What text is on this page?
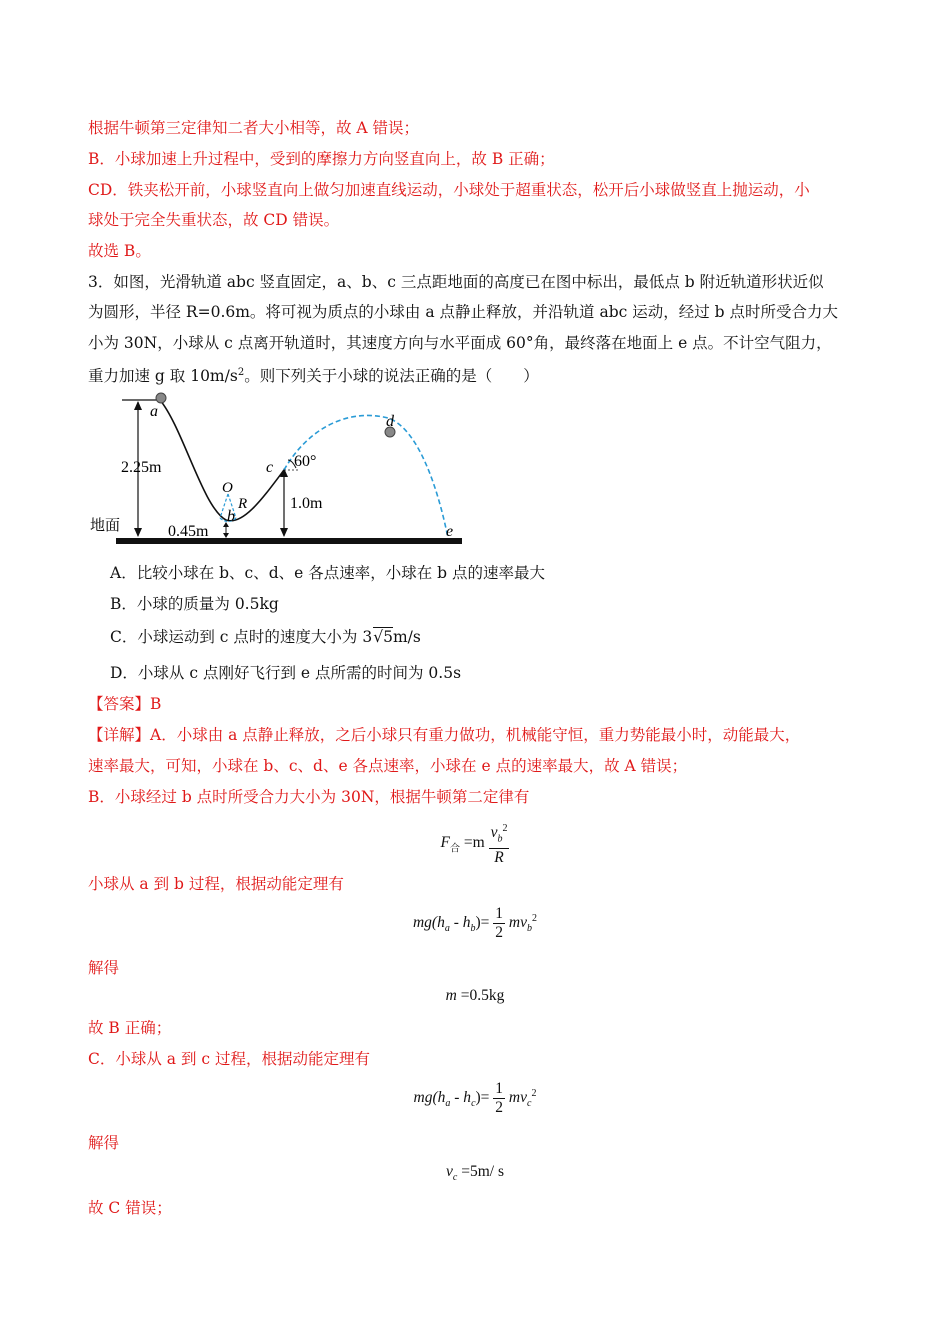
根据牛顿第三定律知二者大小相等，故 A 错误；
B．小球加速上升过程中，受到的摩擦力方向竖直向上，故 B 正确；
CD．铁夹松开前，小球竖直向上做匀加速直线运动，小球处于超重状态，松开后小球做竖直上抛运动，小
球处于完全失重状态，故 CD 错误。
故选 B。
3．如图，光滑轨道 abc 竖直固定，a、b、c 三点距地面的高度已在图中标出，最低点 b 附近轨道形状近似
为圆形，半径 R=0.6m。将可视为质点的小球由 a 点静止释放，并沿轨道 abc 运动，经过 b 点时所受合力大
小为 30N，小球从 c 点离开轨道时，其速度方向与水平面成 60°角，最终落在地面上 e 点。不计空气阻力，
重力加速 g 取 $10m/s^2$。则下列关于小球的说法正确的是（　　）
a
b
c
d
e
O
R
2.25m
0.45m
1.0m
60°
地面
A．比较小球在 b、c、d、e 各点速率，小球在 b 点的速率最大
B．小球的质量为 0.5kg
C．小球运动到 c 点时的速度大小为 3√5m/s
D．小球从 c 点刚好飞行到 e 点所需的时间为 0.5s
【答案】B
【详解】A．小球由 a 点静止释放，之后小球只有重力做功，机械能守恒，重力势能最小时，动能最大，
速率最大，可知，小球在 b、c、d、e 各点速率，小球在 e 点的速率最大，故 A 错误；
B．小球经过 b 点时所受合力大小为 30N，根据牛顿第二定律有
$F_合 =m \frac{v_b^2}{R}$
小球从 a 到 b 过程，根据动能定理有
$mg(h_a - h_b)= \frac{1}{2} mv_b^2$
解得
m =0.5kg
故 B 正确；
C．小球从 a 到 c 过程，根据动能定理有
$mg(h_a - h_c)= \frac{1}{2} mv_c^2$
解得
$v_c =5m/$ s
故 C 错误；
